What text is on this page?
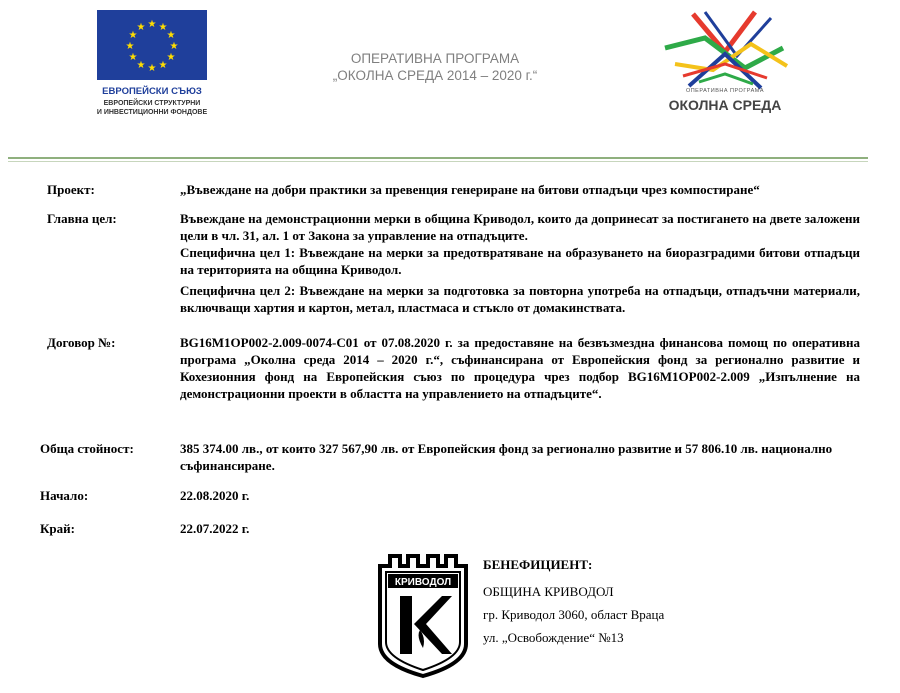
★ ★
★
★
★
★
★
★
★
★
★
★
ЕВРОПЕЙСКИ СЪЮЗ
ЕВРОПЕЙСКИ СТРУКТУРНИ
И ИНВЕСТИЦИОННИ ФОНДОВЕ
ОПЕРАТИВНА ПРОГРАМА
„ОКОЛНА СРЕДА 2014 – 2020 г.“
ОПЕРАТИВНА ПРОГРАМА
ОКОЛНА СРЕДА
Проект:	„Въвеждане на добри практики за превенция генериране на битови отпадъци чрез компостиране“
Главна цел:	Въвеждане на демонстрационни мерки в община Криводол, които да допринесат за постигането на двете заложени цели в чл. 31, ал. 1 от Закона за управление на отпадъците.

Специфична цел 1: Въвеждане на мерки за предотвратяване на образуването на биоразградими битови отпадъци на територията на община Криводол.

Специфична цел 2: Въвеждане на мерки за подготовка за повторна употреба на отпадъци, отпадъчни материали, включващи хартия и картон, метал, пластмаса и стъкло от домакинствата.

Договор №:	BG16M1OP002-2.009-0074-C01 от 07.08.2020 г. за предоставяне на безвъзмездна финансова помощ по оперативна програма „Околна среда 2014 – 2020 г.“, съфинансирана от Европейския фонд за регионално развитие и Кохезионния фонд на Европейския съюз по процедура чрез подбор BG16M1OP002-2.009 „Изпълнение на демонстрационни проекти в областта на управлението на отпадъците“.
Обща стойност:	385 374.00 лв., от които 327 567,90 лв. от Европейския фонд за регионално развитие и 57 806.10 лв. национално съфинансиране.
Начало:	22.08.2020 г.
Край:	22.07.2022 г.
КРИВОДОЛ
БЕНЕФИЦИЕНТ:
ОБЩИНА КРИВОДОЛ
гр. Криводол 3060, област Враца
ул. „Освобождение“ №13
